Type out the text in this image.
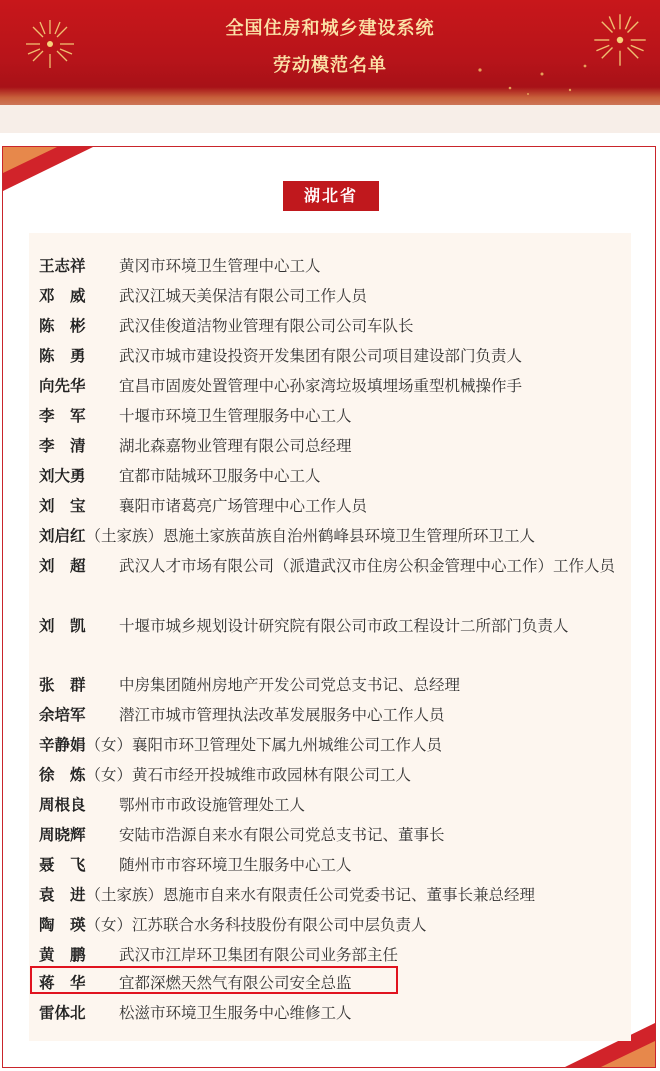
全国住房和城乡建设系统
劳动模范名单
湖北省
王志祥 黄冈市环境卫生管理中心工人
邓　威 武汉江城天美保洁有限公司工作人员
陈　彬 武汉佳俊道洁物业管理有限公司公司车队长
陈　勇 武汉市城市建设投资开发集团有限公司项目建设部门负责人
向先华 宜昌市固废处置管理中心孙家湾垃圾填埋场重型机械操作手
李　军 十堰市环境卫生管理服务中心工人
李　清 湖北森嘉物业管理有限公司总经理
刘大勇 宜都市陆城环卫服务中心工人
刘　宝 襄阳市诸葛亮广场管理中心工作人员
刘启红（土家族）恩施土家族苗族自治州鹤峰县环境卫生管理所环卫工人
刘　超 武汉人才市场有限公司（派遣武汉市住房公积金管理中心工作）工作人员
刘　凯 十堰市城乡规划设计研究院有限公司市政工程设计二所部门负责人
张　群 中房集团随州房地产开发公司党总支书记、总经理
余培军 潜江市城市管理执法改革发展服务中心工作人员
辛静娟（女）襄阳市环卫管理处下属九州城维公司工作人员
徐　炼（女）黄石市经开投城维市政园林有限公司工人
周根良 鄂州市市政设施管理处工人
周晓辉 安陆市浩源自来水有限公司党总支书记、董事长
聂　飞 随州市市容环境卫生服务中心工人
袁　进（土家族）恩施市自来水有限责任公司党委书记、董事长兼总经理
陶　瑛（女）江苏联合水务科技股份有限公司中层负责人
黄　鹏 武汉市江岸环卫集团有限公司业务部主任
蒋　华 宜都深燃天然气有限公司安全总监
雷体北 松滋市环境卫生服务中心维修工人
